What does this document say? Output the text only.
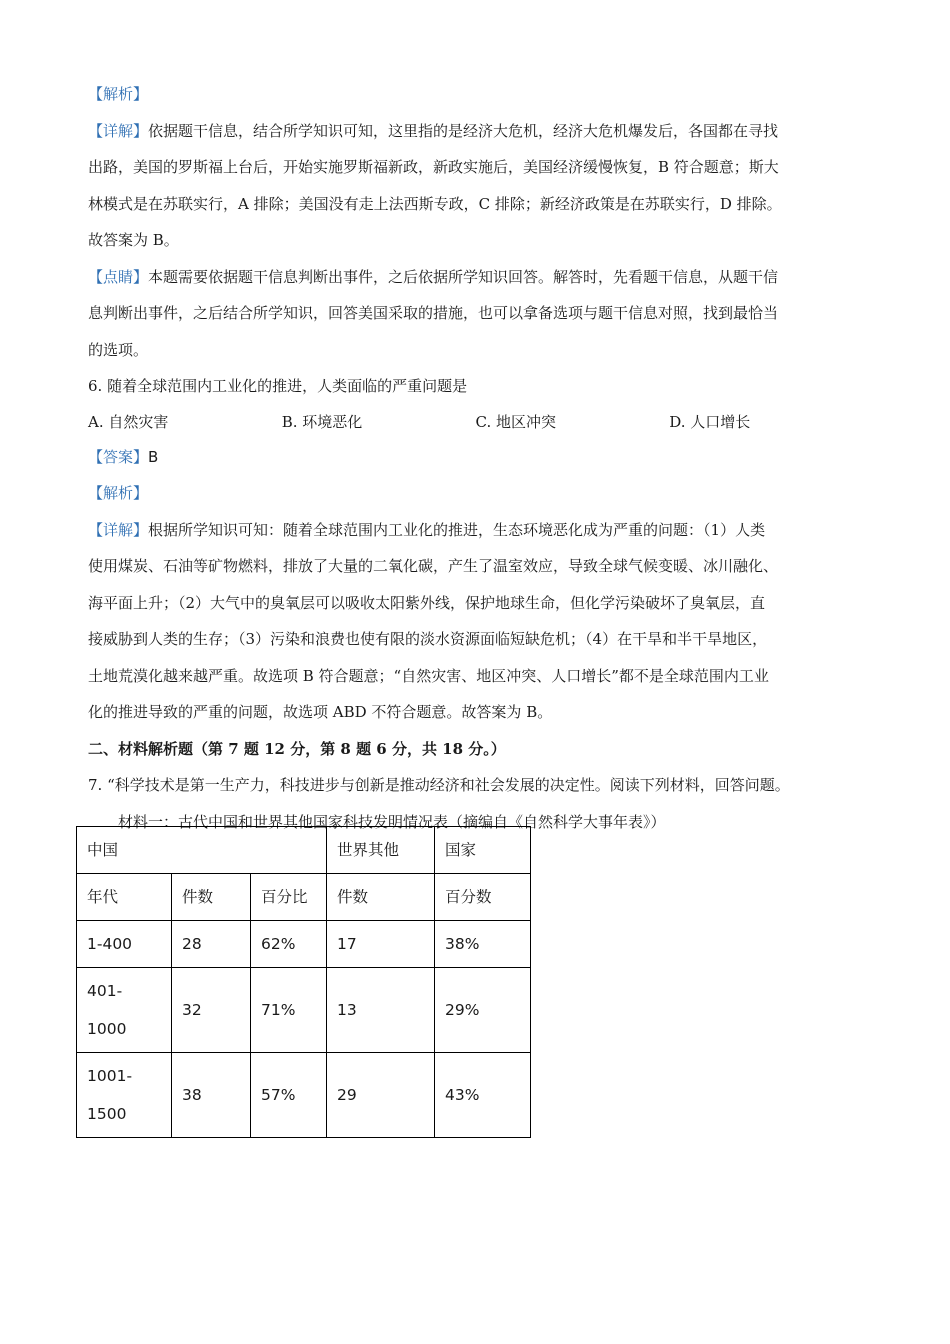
【解析】

【详解】依据题干信息，结合所学知识可知，这里指的是经济大危机，经济大危机爆发后，各国都在寻找

出路，美国的罗斯福上台后，开始实施罗斯福新政，新政实施后，美国经济缓慢恢复，B 符合题意；斯大

林模式是在苏联实行，A 排除；美国没有走上法西斯专政，C 排除；新经济政策是在苏联实行，D 排除。

故答案为 B。

【点睛】本题需要依据题干信息判断出事件，之后依据所学知识回答。解答时，先看题干信息，从题干信

息判断出事件，之后结合所学知识，回答美国采取的措施，也可以拿备选项与题干信息对照，找到最恰当

的选项。

6. 随着全球范围内工业化的推进，人类面临的严重问题是

A. 自然灾害	B. 环境恶化	C. 地区冲突	D. 人口增长

【答案】B

【解析】

【详解】根据所学知识可知：随着全球范围内工业化的推进，生态环境恶化成为严重的问题：（1）人类

使用煤炭、石油等矿物燃料，排放了大量的二氧化碳，产生了温室效应，导致全球气候变暖、冰川融化、

海平面上升；（2）大气中的臭氧层可以吸收太阳紫外线，保护地球生命，但化学污染破坏了臭氧层，直

接威胁到人类的生存；（3）污染和浪费也使有限的淡水资源面临短缺危机；（4）在干旱和半干旱地区，

土地荒漠化越来越严重。故选项 B 符合题意；“自然灾害、地区冲突、人口增长”都不是全球范围内工业

化的推进导致的严重的问题，故选项 ABD 不符合题意。故答案为 B。

二、材料解析题（第 7 题 12 分，第 8 题 6 分，共 18 分。）

7. “科学技术是第一生产力，科技进步与创新是推动经济和社会发展的决定性。阅读下列材料，回答问题。

材料一：古代中国和世界其他国家科技发明情况表（摘编自《自然科学大事年表》）

中国			世界其他	国家
年代	件数	百分比	件数	百分数
1-400	28	62%	17	38%
401-
1000	32	71%	13	29%
1001-
1500	38	57%	29	43%
